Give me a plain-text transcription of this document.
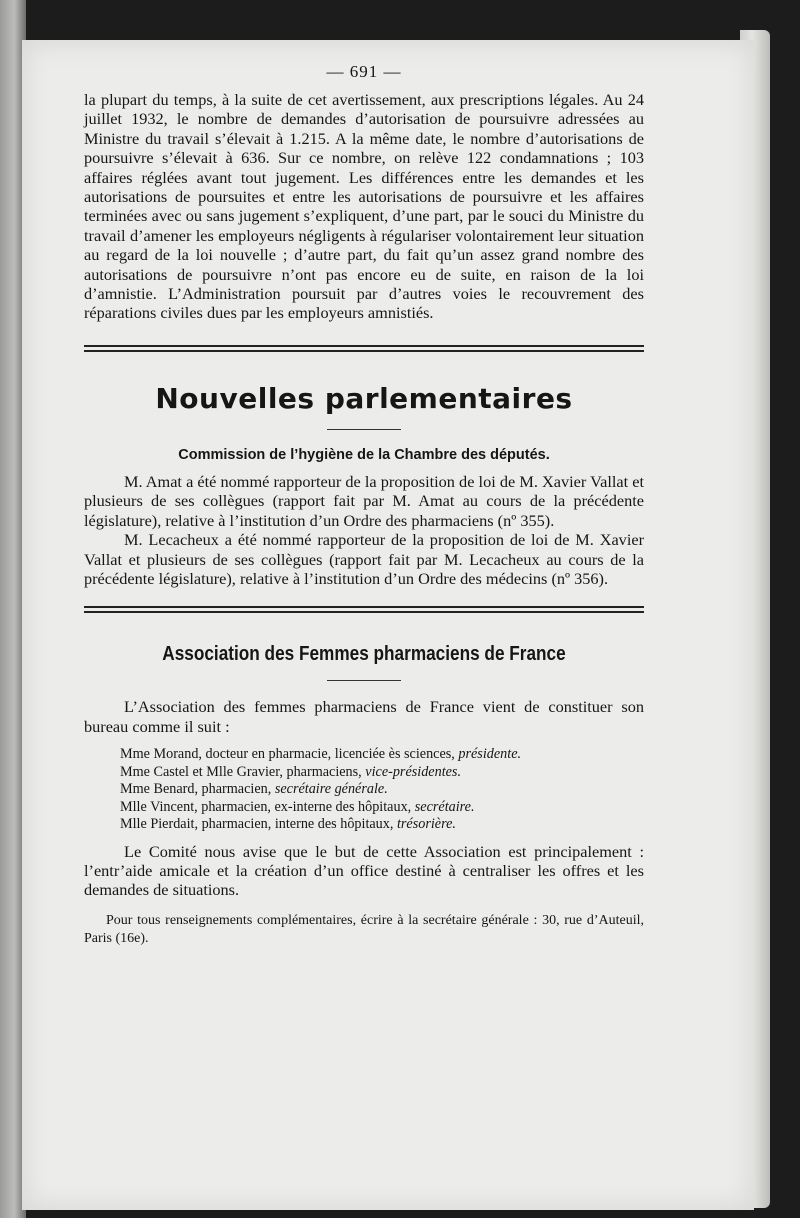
— 691 —
la plupart du temps, à la suite de cet avertissement, aux prescriptions légales. Au 24 juillet 1932, le nombre de demandes d’autorisation de poursuivre adressées au Ministre du travail s’élevait à 1.215. A la même date, le nombre d’autorisations de poursuivre s’élevait à 636. Sur ce nombre, on relève 122 condamnations ; 103 affaires réglées avant tout jugement. Les différences entre les demandes et les autorisations de poursuites et entre les autorisations de poursuivre et les affaires terminées avec ou sans jugement s’expliquent, d’une part, par le souci du Ministre du travail d’amener les employeurs négligents à régulariser volontairement leur situation au regard de la loi nouvelle ; d’autre part, du fait qu’un assez grand nombre des autorisations de poursuivre n’ont pas encore eu de suite, en raison de la loi d’amnistie. L’Administration poursuit par d’autres voies le recouvrement des réparations civiles dues par les employeurs amnistiés.
Nouvelles parlementaires
Commission de l’hygiène de la Chambre des députés.
M. Amat a été nommé rapporteur de la proposition de loi de M. Xavier Vallat et plusieurs de ses collègues (rapport fait par M. Amat au cours de la précédente législature), relative à l’institution d’un Ordre des pharmaciens (nº 355).
M. Lecacheux a été nommé rapporteur de la proposition de loi de M. Xavier Vallat et plusieurs de ses collègues (rapport fait par M. Lecacheux au cours de la précédente législature), relative à l’institution d’un Ordre des médecins (nº 356).
Association des Femmes pharmaciens de France
L’Association des femmes pharmaciens de France vient de constituer son bureau comme il suit :
Mme Morand, docteur en pharmacie, licenciée ès sciences, présidente.
Mme Castel et Mlle Gravier, pharmaciens, vice-présidentes.
Mme Benard, pharmacien, secrétaire générale.
Mlle Vincent, pharmacien, ex-interne des hôpitaux, secrétaire.
Mlle Pierdait, pharmacien, interne des hôpitaux, trésorière.
Le Comité nous avise que le but de cette Association est principalement : l’entr’aide amicale et la création d’un office destiné à centraliser les offres et les demandes de situations.
Pour tous renseignements complémentaires, écrire à la secrétaire générale : 30, rue d’Auteuil, Paris (16e).
